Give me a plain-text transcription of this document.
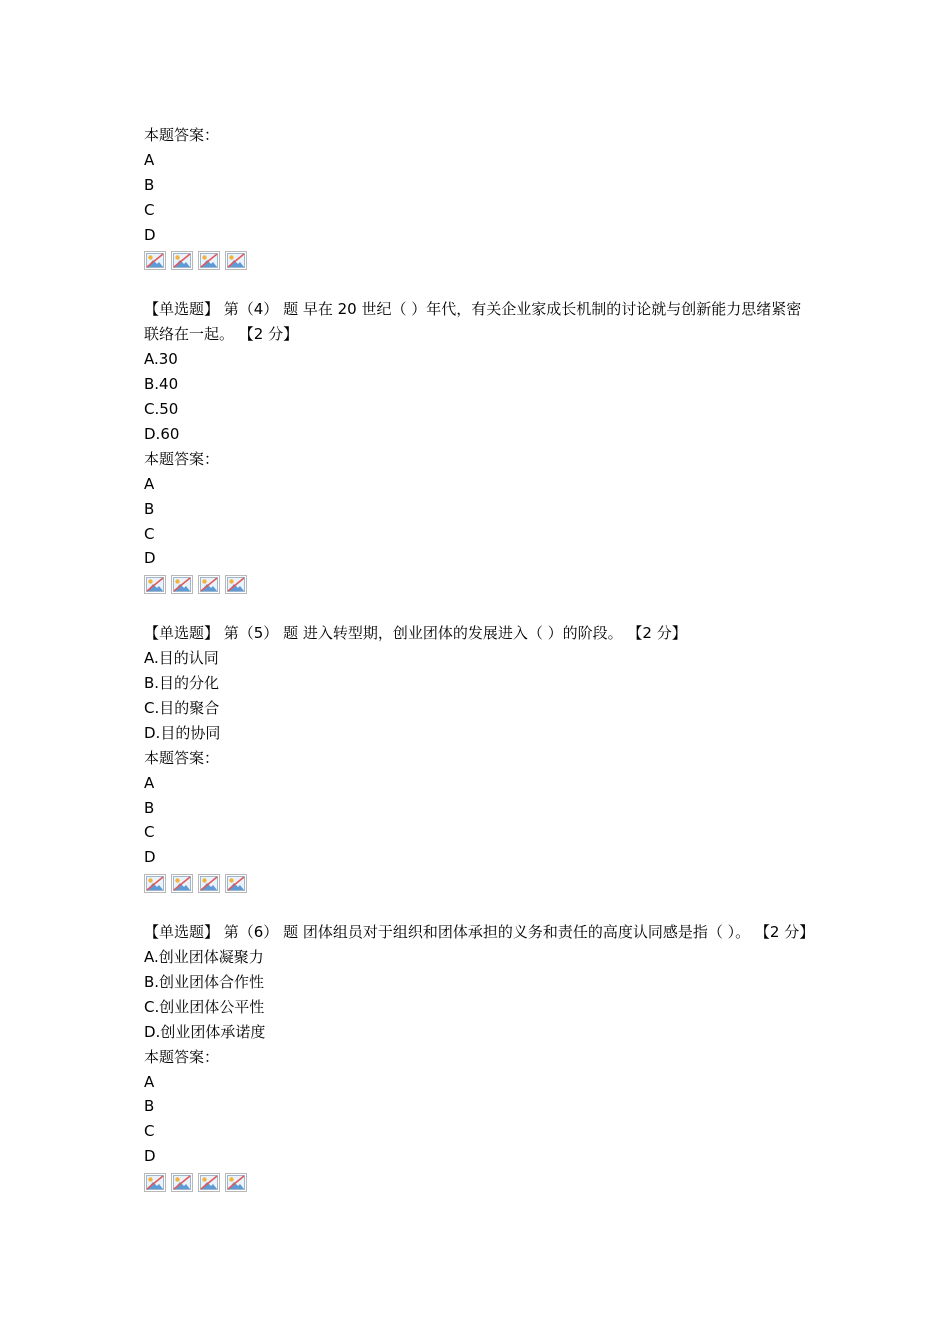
本题答案：
A
B
C
D
【单选题】 第（4） 题 早在 20 世纪（ ）年代，有关企业家成长机制的讨论就与创新能力思绪紧密联络在一起。 【2 分】
A.30
B.40
C.50
D.60
本题答案：
A
B
C
D
【单选题】 第（5） 题 进入转型期，创业团体的发展进入（ ）的阶段。 【2 分】
A.目的认同
B.目的分化
C.目的聚合
D.目的协同
本题答案：
A
B
C
D
【单选题】 第（6） 题 团体组员对于组织和团体承担的义务和责任的高度认同感是指（ ）。 【2 分】
A.创业团体凝聚力
B.创业团体合作性
C.创业团体公平性
D.创业团体承诺度
本题答案：
A
B
C
D
